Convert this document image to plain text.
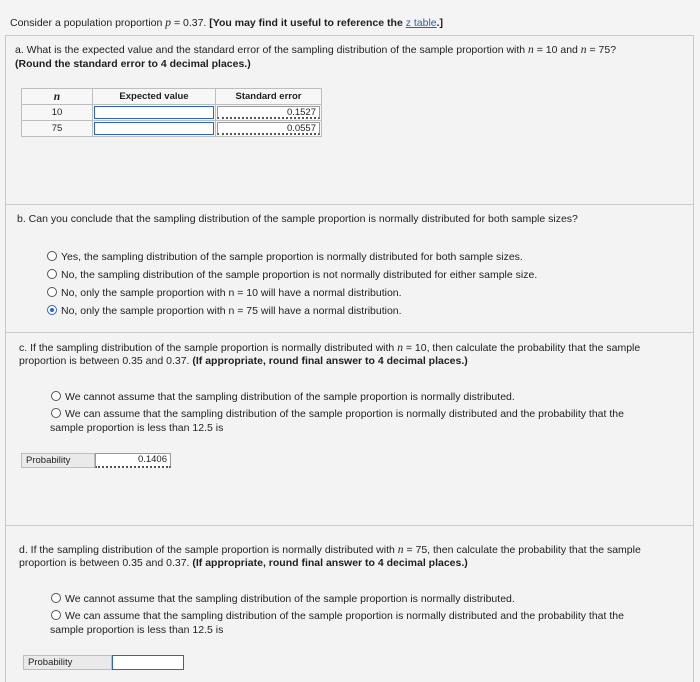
Consider a population proportion p = 0.37. [You may find it useful to reference the z table.]
a. What is the expected value and the standard error of the sampling distribution of the sample proportion with n = 10 and n = 75?
(Round the standard error to 4 decimal places.)
n	Expected value	Standard error
10		0.1527

75		0.0557
b. Can you conclude that the sampling distribution of the sample proportion is normally distributed for both sample sizes?
Yes, the sampling distribution of the sample proportion is normally distributed for both sample sizes.
No, the sampling distribution of the sample proportion is not normally distributed for either sample size.
No, only the sample proportion with n = 10 will have a normal distribution.
No, only the sample proportion with n = 75 will have a normal distribution.
c. If the sampling distribution of the sample proportion is normally distributed with n = 10, then calculate the probability that the sample
proportion is between 0.35 and 0.37. (If appropriate, round final answer to 4 decimal places.)
We cannot assume that the sampling distribution of the sample proportion is normally distributed.
We can assume that the sampling distribution of the sample proportion is normally distributed and the probability that the
sample proportion is less than 12.5 is
Probability	0.1406
d. If the sampling distribution of the sample proportion is normally distributed with n = 75, then calculate the probability that the sample
proportion is between 0.35 and 0.37. (If appropriate, round final answer to 4 decimal places.)
We cannot assume that the sampling distribution of the sample proportion is normally distributed.
We can assume that the sampling distribution of the sample proportion is normally distributed and the probability that the
sample proportion is less than 12.5 is
Probability
